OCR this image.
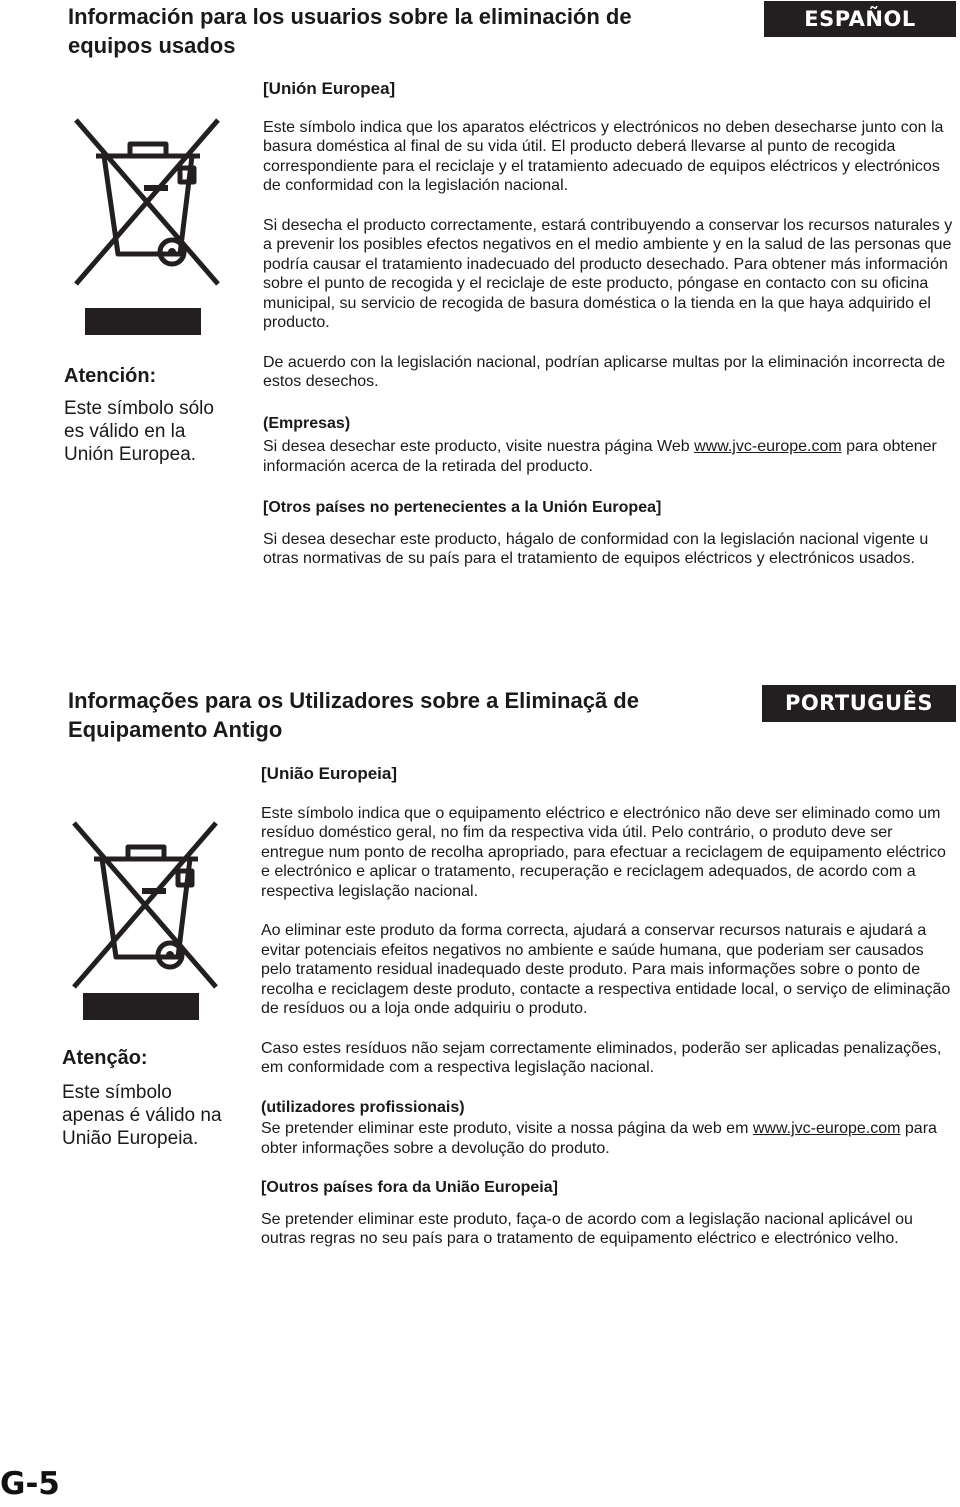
Información para los usuarios sobre la eliminación de
equipos usados
ESPAÑOL
Atención:
Este símbolo sólo
es válido en la
Unión Europea.

[Unión Europea]

Este símbolo indica que los aparatos eléctricos y electrónicos no deben desecharse junto con la basura doméstica al final de su vida útil. El producto deberá llevarse al punto de recogida correspondiente para el reciclaje y el tratamiento adecuado de equipos eléctricos y electrónicos de conformidad con la legislación nacional.

Si desecha el producto correctamente, estará contribuyendo a conservar los recursos naturales y a prevenir los posibles efectos negativos en el medio ambiente y en la salud de las personas que podría causar el tratamiento inadecuado del producto desechado. Para obtener más información sobre el punto de recogida y el reciclaje de este producto, póngase en contacto con su oficina municipal, su servicio de recogida de basura doméstica o la tienda en la que haya adquirido el producto.

De acuerdo con la legislación nacional, podrían aplicarse multas por la eliminación incorrecta de estos desechos.

(Empresas)

Si desea desechar este producto, visite nuestra página Web www.jvc-europe.com para obtener información acerca de la retirada del producto.

[Otros países no pertenecientes a la Unión Europea]

Si desea desechar este producto, hágalo de conformidad con la legislación nacional vigente u otras normativas de su país para el tratamiento de equipos eléctricos y electrónicos usados.

Informações para os Utilizadores sobre a Eliminaçã de
Equipamento Antigo
PORTUGUÊS
Atenção:
Este símbolo
apenas é válido na
União Europeia.

[União Europeia]

Este símbolo indica que o equipamento eléctrico e electrónico não deve ser eliminado como um resíduo doméstico geral, no fim da respectiva vida útil. Pelo contrário, o produto deve ser entregue num ponto de recolha apropriado, para efectuar a reciclagem de equipamento eléctrico e electrónico e aplicar o tratamento, recuperação e reciclagem adequados, de acordo com a respectiva legislação nacional.

Ao eliminar este produto da forma correcta, ajudará a conservar recursos naturais e ajudará a evitar potenciais efeitos negativos no ambiente e saúde humana, que poderiam ser causados pelo tratamento residual inadequado deste produto. Para mais informações sobre o ponto de recolha e reciclagem deste produto, contacte a respectiva entidade local, o serviço de eliminação de resíduos ou a loja onde adquiriu o produto.

Caso estes resíduos não sejam correctamente eliminados, poderão ser aplicadas penalizações, em conformidade com a respectiva legislação nacional.

(utilizadores profissionais)

Se pretender eliminar este produto, visite a nossa página da web em www.jvc-europe.com para obter informações sobre a devolução do produto.

[Outros países fora da União Europeia]

Se pretender eliminar este produto, faça-o de acordo com a legislação nacional aplicável ou outras regras no seu país para o tratamento de equipamento eléctrico e electrónico velho.

G-5
